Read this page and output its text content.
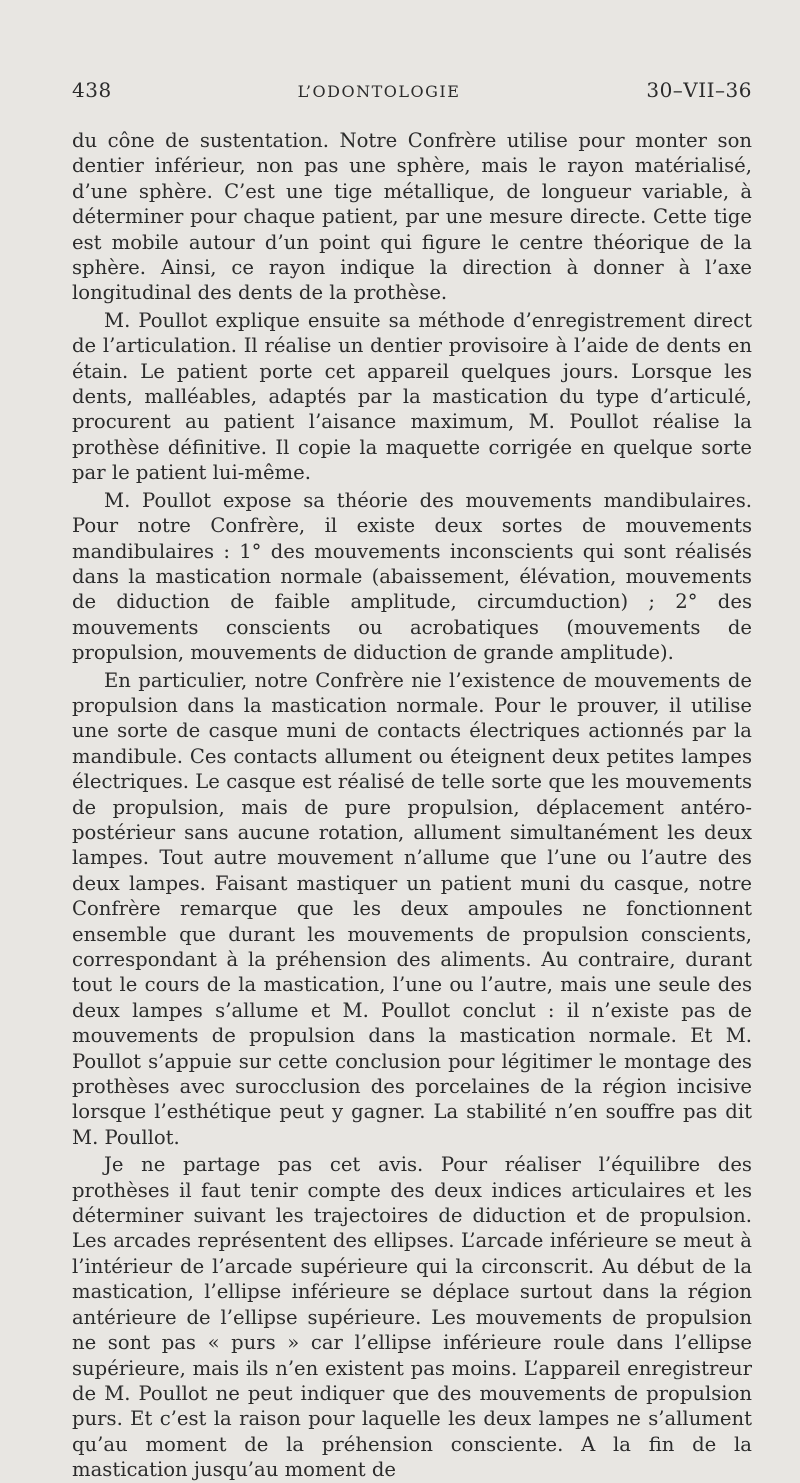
438	L’ODONTOLOGIE	30–VII–36

du cône de sustentation. Notre Confrère utilise pour monter son dentier inférieur, non pas une sphère, mais le rayon matérialisé, d’une sphère. C’est une tige métallique, de longueur variable, à déterminer pour chaque patient, par une mesure directe. Cette tige est mobile autour d’un point qui figure le centre théorique de la sphère. Ainsi, ce rayon indique la direction à donner à l’axe longitudinal des dents de la prothèse.

M. Poullot explique ensuite sa méthode d’enregistrement direct de l’articulation. Il réalise un dentier provisoire à l’aide de dents en étain. Le patient porte cet appareil quelques jours. Lorsque les dents, malléables, adaptés par la mastication du type d’articulé, procurent au patient l’aisance maximum, M. Poullot réalise la prothèse définitive. Il copie la maquette corrigée en quelque sorte par le patient lui-même.

M. Poullot expose sa théorie des mouvements mandibulaires. Pour notre Confrère, il existe deux sortes de mouvements mandibulaires : 1° des mouvements inconscients qui sont réalisés dans la mastication normale (abaissement, élévation, mouvements de diduction de faible amplitude, circumduction) ; 2° des mouvements conscients ou acrobatiques (mouvements de propulsion, mouvements de diduction de grande amplitude).

En particulier, notre Confrère nie l’existence de mouvements de propulsion dans la mastication normale. Pour le prouver, il utilise une sorte de casque muni de contacts électriques actionnés par la mandibule. Ces contacts allument ou éteignent deux petites lampes électriques. Le casque est réalisé de telle sorte que les mouvements de propulsion, mais de pure propulsion, déplacement antéro-postérieur sans aucune rotation, allument simultanément les deux lampes. Tout autre mouvement n’allume que l’une ou l’autre des deux lampes. Faisant mastiquer un patient muni du casque, notre Confrère remarque que les deux ampoules ne fonctionnent ensemble que durant les mouvements de propulsion conscients, correspondant à la préhension des aliments. Au contraire, durant tout le cours de la mastication, l’une ou l’autre, mais une seule des deux lampes s’allume et M. Poullot conclut : il n’existe pas de mouvements de propulsion dans la mastication normale. Et M. Poullot s’appuie sur cette conclusion pour légitimer le montage des prothèses avec surocclusion des porcelaines de la région incisive lorsque l’esthétique peut y gagner. La stabilité n’en souffre pas dit M. Poullot.

Je ne partage pas cet avis. Pour réaliser l’équilibre des prothèses il faut tenir compte des deux indices articulaires et les déterminer suivant les trajectoires de diduction et de propulsion. Les arcades représentent des ellipses. L’arcade inférieure se meut à l’intérieur de l’arcade supérieure qui la circonscrit. Au début de la mastication, l’ellipse inférieure se déplace surtout dans la région antérieure de l’ellipse supérieure. Les mouvements de propulsion ne sont pas « purs » car l’ellipse inférieure roule dans l’ellipse supérieure, mais ils n’en existent pas moins. L’appareil enregistreur de M. Poullot ne peut indiquer que des mouvements de propulsion purs. Et c’est la raison pour laquelle les deux lampes ne s’allument qu’au moment de la préhension consciente. A la fin de la mastication jusqu’au moment de
